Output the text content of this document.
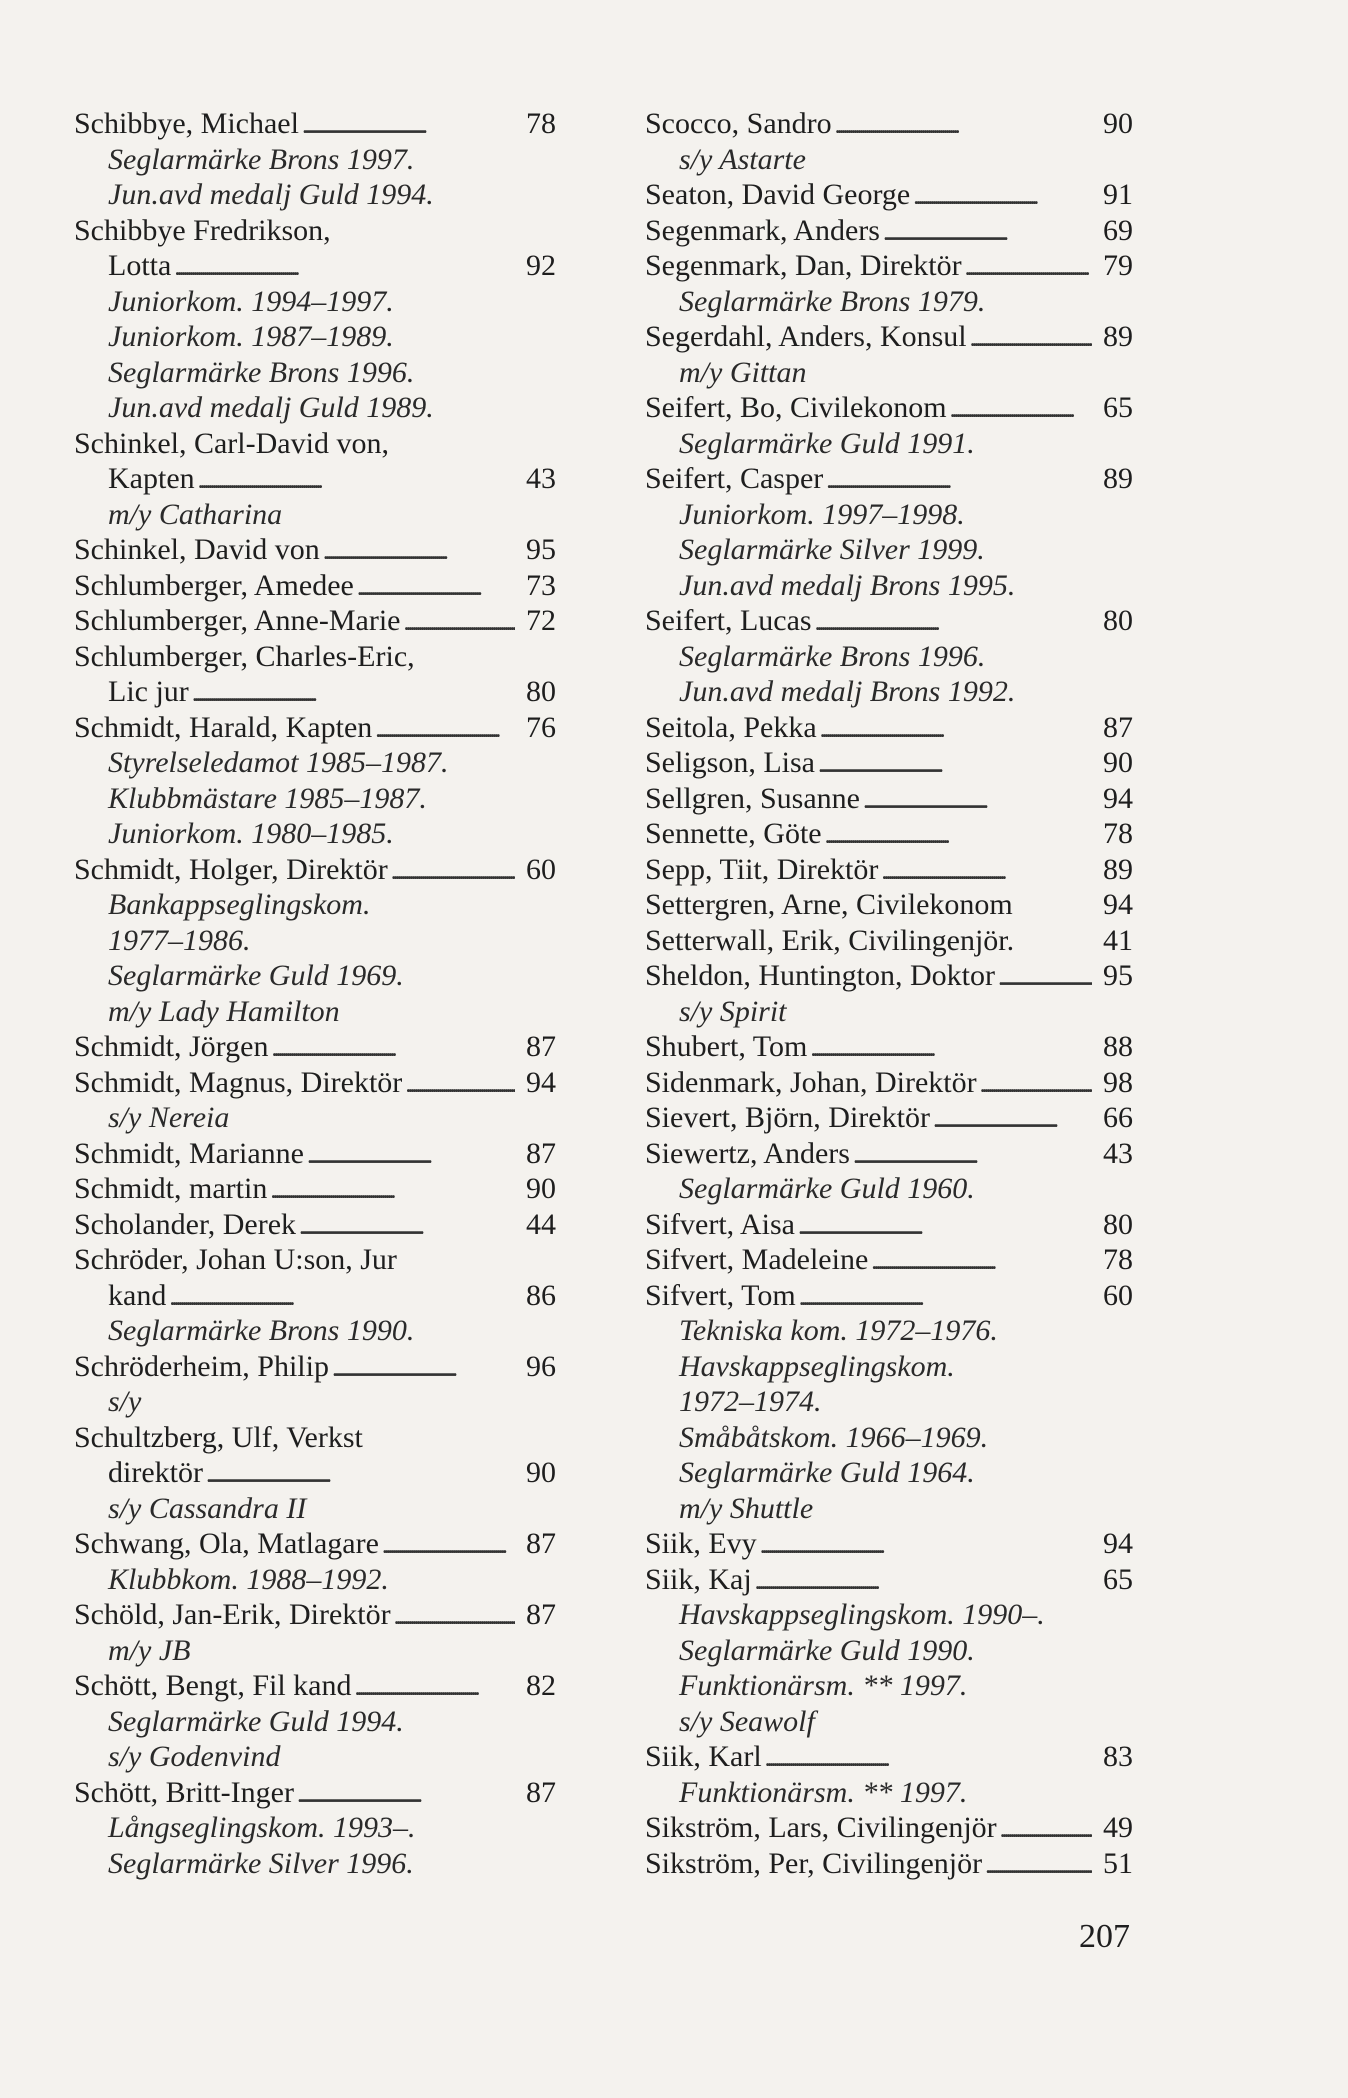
Schibbye, Michael . . .	78
Seglarmärke Brons 1997.
Jun.avd medalj Guld 1994.
Schibbye Fredrikson,
Lotta . . .	92
Juniorkom. 1994–1997.
Juniorkom. 1987–1989.
Seglarmärke Brons 1996.
Jun.avd medalj Guld 1989.
Schinkel, Carl-David von,
Kapten . . .	43
m/y Catharina
Schinkel, David von . . .	95
Schlumberger, Amedee . . .	73
Schlumberger, Anne-Marie . . .	72
Schlumberger, Charles-Eric,
Lic jur . . .	80
Schmidt, Harald, Kapten . . .	76
Styrelseledamot 1985–1987.
Klubbmästare 1985–1987.
Juniorkom. 1980–1985.
Schmidt, Holger, Direktör . . .	60
Bankappseglingskom.
1977–1986.
Seglarmärke Guld 1969.
m/y Lady Hamilton
Schmidt, Jörgen . . .	87
Schmidt, Magnus, Direktör . . .	94
s/y Nereia
Schmidt, Marianne . . .	87
Schmidt, martin . . .	90
Scholander, Derek . . .	44
Schröder, Johan U:son, Jur
kand . . .	86
Seglarmärke Brons 1990.
Schröderheim, Philip . . .	96
s/y
Schultzberg, Ulf, Verkst
direktör . . .	90
s/y Cassandra II
Schwang, Ola, Matlagare . . .	87
Klubbkom. 1988–1992.
Schöld, Jan-Erik, Direktör . . .	87
m/y JB
Schött, Bengt, Fil kand . . .	82
Seglarmärke Guld 1994.
s/y Godenvind
Schött, Britt-Inger . . .	87
Långseglingskom. 1993–.
Seglarmärke Silver 1996.
Scocco, Sandro . . .	90
s/y Astarte
Seaton, David George . . .	91
Segenmark, Anders . . .	69
Segenmark, Dan, Direktör . . .	79
Seglarmärke Brons 1979.
Segerdahl, Anders, Konsul . . .	89
m/y Gittan
Seifert, Bo, Civilekonom . . .	65
Seglarmärke Guld 1991.
Seifert, Casper . . .	89
Juniorkom. 1997–1998.
Seglarmärke Silver 1999.
Jun.avd medalj Brons 1995.
Seifert, Lucas . . .	80
Seglarmärke Brons 1996.
Jun.avd medalj Brons 1992.
Seitola, Pekka . . .	87
Seligson, Lisa . . .	90
Sellgren, Susanne . . .	94
Sennette, Göte . . .	78
Sepp, Tiit, Direktör . . .	89
Settergren, Arne, Civilekonom	94
Setterwall, Erik, Civilingenjör.	41
Sheldon, Huntington, Doktor . . .	95
s/y Spirit
Shubert, Tom . . .	88
Sidenmark, Johan, Direktör . . .	98
Sievert, Björn, Direktör . . .	66
Siewertz, Anders . . .	43
Seglarmärke Guld 1960.
Sifvert, Aisa . . .	80
Sifvert, Madeleine . . .	78
Sifvert, Tom . . .	60
Tekniska kom. 1972–1976.
Havskappseglingskom.
1972–1974.
Småbåtskom. 1966–1969.
Seglarmärke Guld 1964.
m/y Shuttle
Siik, Evy . . .	94
Siik, Kaj . . .	65
Havskappseglingskom. 1990–.
Seglarmärke Guld 1990.
Funktionärsm. ** 1997.
s/y Seawolf
Siik, Karl . . .	83
Funktionärsm. ** 1997.
Sikström, Lars, Civilingenjör . . .	49
Sikström, Per, Civilingenjör . . .	51
207
